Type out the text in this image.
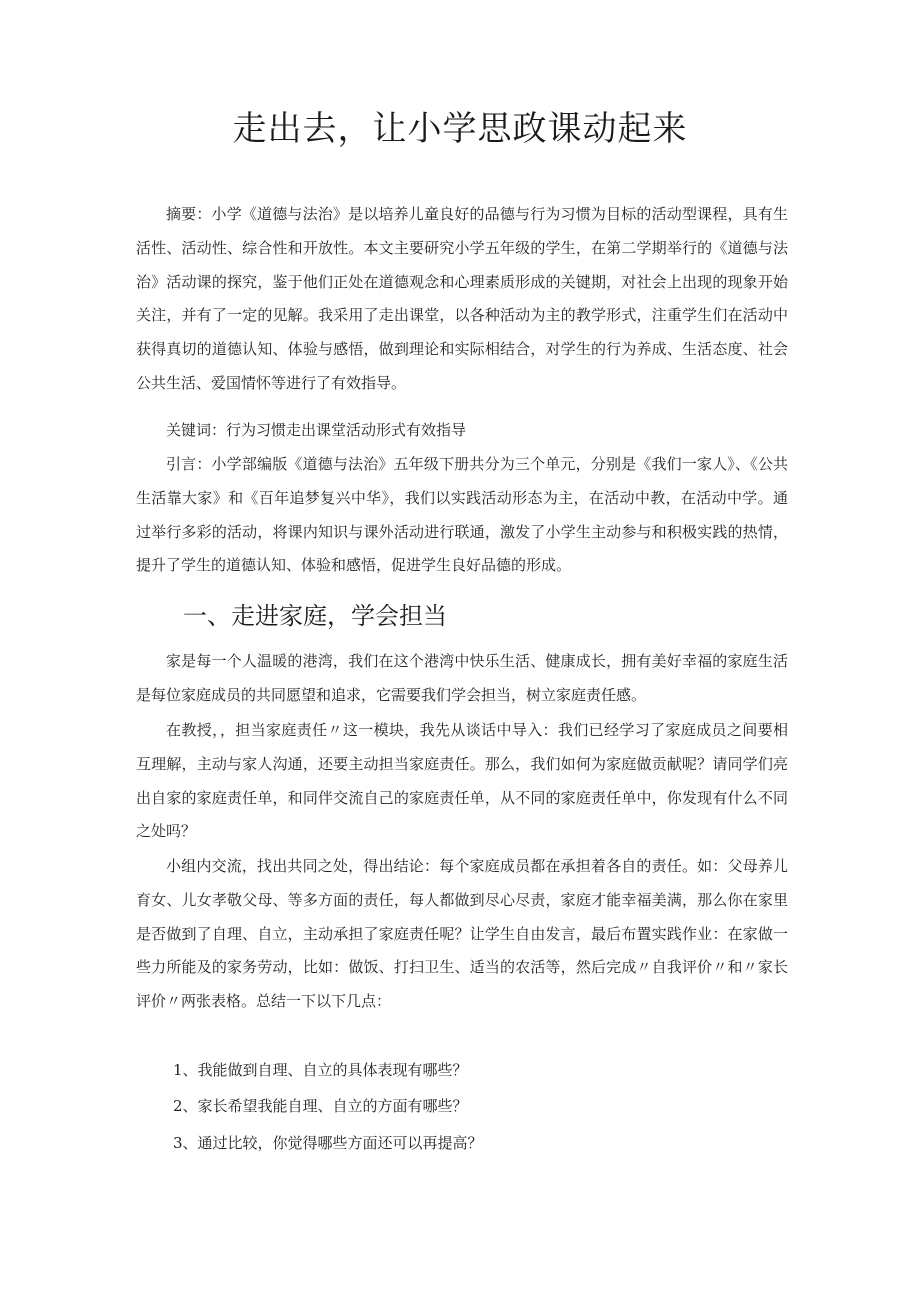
走出去，让小学思政课动起来
摘要：小学《道德与法治》是以培养儿童良好的品德与行为习惯为目标的活动型课程，具有生活性、活动性、综合性和开放性。本文主要研究小学五年级的学生，在第二学期举行的《道德与法治》活动课的探究，鉴于他们正处在道德观念和心理素质形成的关键期，对社会上出现的现象开始关注，并有了一定的见解。我采用了走出课堂，以各种活动为主的教学形式，注重学生们在活动中获得真切的道德认知、体验与感悟，做到理论和实际相结合，对学生的行为养成、生活态度、社会公共生活、爱国情怀等进行了有效指导。
关键词：行为习惯走出课堂活动形式有效指导
引言：小学部编版《道德与法治》五年级下册共分为三个单元，分别是《我们一家人》、《公共生活靠大家》和《百年追梦复兴中华》，我们以实践活动形态为主，在活动中教，在活动中学。通过举行多彩的活动，将课内知识与课外活动进行联通，激发了小学生主动参与和积极实践的热情，提升了学生的道德认知、体验和感悟，促进学生良好品德的形成。
一、走进家庭，学会担当
家是每一个人温暖的港湾，我们在这个港湾中快乐生活、健康成长，拥有美好幸福的家庭生活是每位家庭成员的共同愿望和追求，它需要我们学会担当，树立家庭责任感。
在教授，，担当家庭责任〃这一模块，我先从谈话中导入：我们已经学习了家庭成员之间要相互理解，主动与家人沟通，还要主动担当家庭责任。那么，我们如何为家庭做贡献呢？请同学们亮出自家的家庭责任单，和同伴交流自己的家庭责任单，从不同的家庭责任单中，你发现有什么不同之处吗？
小组内交流，找出共同之处，得出结论：每个家庭成员都在承担着各自的责任。如：父母养儿育女、儿女孝敬父母、等多方面的责任，每人都做到尽心尽责，家庭才能幸福美满，那么你在家里是否做到了自理、自立，主动承担了家庭责任呢？让学生自由发言，最后布置实践作业：在家做一些力所能及的家务劳动，比如：做饭、打扫卫生、适当的农活等，然后完成〃自我评价〃和〃家长评价〃两张表格。总结一下以下几点：
1、我能做到自理、自立的具体表现有哪些？
2、家长希望我能自理、自立的方面有哪些？
3、通过比较，你觉得哪些方面还可以再提高？
